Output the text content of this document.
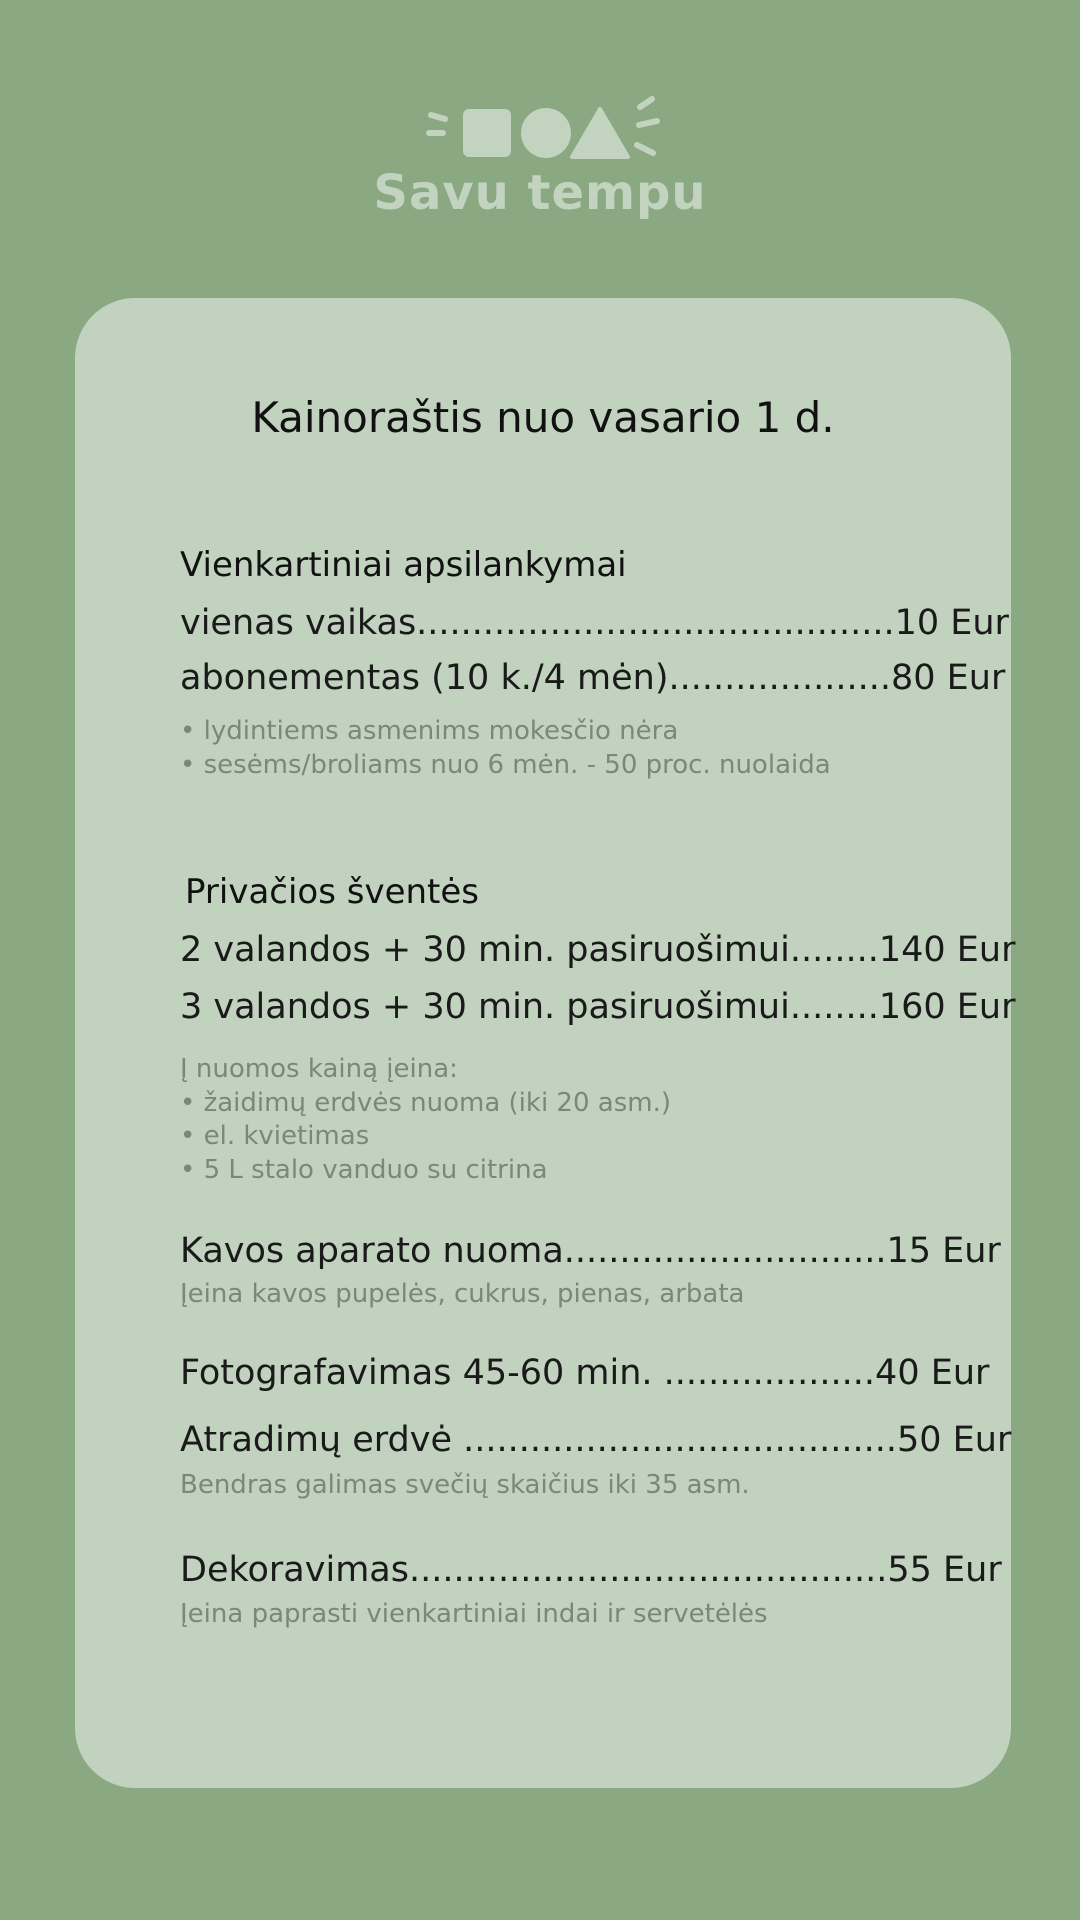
Savu tempu
Kainoraštis nuo vasario 1 d.
Vienkartiniai apsilankymai
vienas vaikas...........................................10 Eur
abonementas (10 k./4 mėn)....................80 Eur
• lydintiems asmenims mokesčio nėra
• sesėms/broliams nuo 6 mėn. - 50 proc. nuolaida
Privačios šventės
2 valandos + 30 min. pasiruošimui........140 Eur
3 valandos + 30 min. pasiruošimui........160 Eur
Į nuomos kainą įeina:
• žaidimų erdvės nuoma (iki 20 asm.)
• el. kvietimas
• 5 L stalo vanduo su citrina
Kavos aparato nuoma.............................15 Eur
Įeina kavos pupelės, cukrus, pienas, arbata
Fotografavimas 45-60 min. ...................40 Eur
Atradimų erdvė .......................................50 Eur
Bendras galimas svečių skaičius iki 35 asm.
Dekoravimas...........................................55 Eur
Įeina paprasti vienkartiniai indai ir servetėlės
